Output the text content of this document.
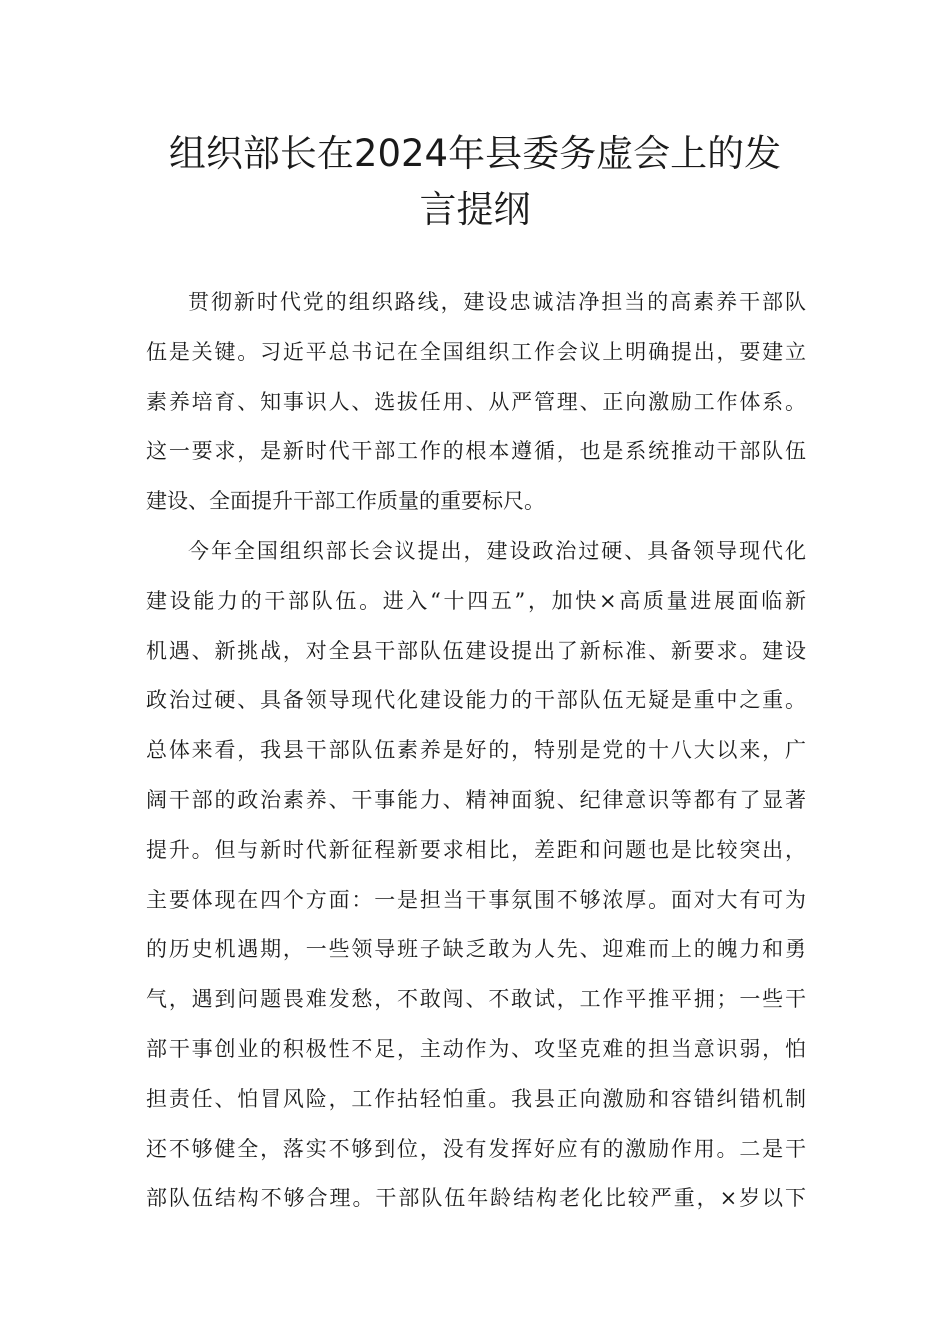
组织部长在2024年县委务虚会上的发
言提纲
贯彻新时代党的组织路线，建设忠诚洁净担当的高素养干部队
伍是关键。习近平总书记在全国组织工作会议上明确提出，要建立
素养培育、知事识人、选拔任用、从严管理、正向激励工作体系。
这一要求，是新时代干部工作的根本遵循，也是系统推动干部队伍
建设、全面提升干部工作质量的重要标尺。
今年全国组织部长会议提出，建设政治过硬、具备领导现代化
建设能力的干部队伍。进入“十四五”，加快×高质量进展面临新
机遇、新挑战，对全县干部队伍建设提出了新标准、新要求。建设
政治过硬、具备领导现代化建设能力的干部队伍无疑是重中之重。
总体来看，我县干部队伍素养是好的，特别是党的十八大以来，广
阔干部的政治素养、干事能力、精神面貌、纪律意识等都有了显著
提升。但与新时代新征程新要求相比，差距和问题也是比较突出，
主要体现在四个方面：一是担当干事氛围不够浓厚。面对大有可为
的历史机遇期，一些领导班子缺乏敢为人先、迎难而上的魄力和勇
气，遇到问题畏难发愁，不敢闯、不敢试，工作平推平拥；一些干
部干事创业的积极性不足，主动作为、攻坚克难的担当意识弱，怕
担责任、怕冒风险，工作拈轻怕重。我县正向激励和容错纠错机制
还不够健全，落实不够到位，没有发挥好应有的激励作用。二是干
部队伍结构不够合理。干部队伍年龄结构老化比较严重，×岁以下
